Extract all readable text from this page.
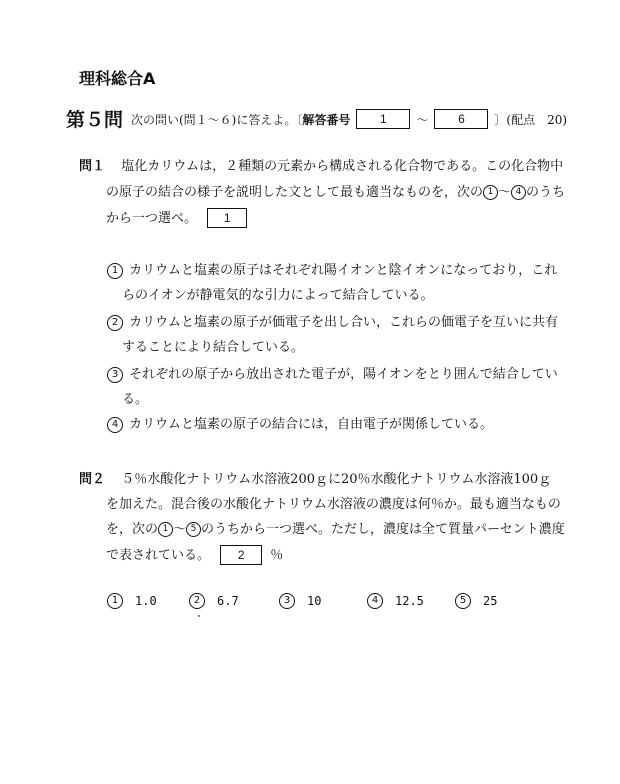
理科総合A
第５問 次の問い(問１～６)に答えよ。〔 解答番号	1	～	6	〕(配点　20)
問１ 塩化カリウムは，２種類の元素から構成される化合物である。この化合物中
の原子の結合の様子を説明した文として最も適当なものを，次の 1 ～ 4 のうち
から一つ選べ。 1
1 カリウムと塩素の原子はそれぞれ陽イオンと陰イオンになっており，これ
らのイオンが静電気的な引力によって結合している。
2 カリウムと塩素の原子が価電子を出し合い，これらの価電子を互いに共有
することにより結合している。
3 それぞれの原子から放出された電子が，陽イオンをとり囲んで結合してい
る。
4 カリウムと塩素の原子の結合には，自由電子が関係している。
問２ ５％水酸化ナトリウム水溶液200ｇに20％水酸化ナトリウム水溶液100ｇ
を加えた。混合後の水酸化ナトリウム水溶液の濃度は何％か。最も適当なもの
を，次の 1 ～ 5 のうちから一つ選べ。ただし，濃度は全て質量パーセント濃度
で表されている。 2 ％
1	1.0	2	6.7	3	10	4	12.5	5	25
